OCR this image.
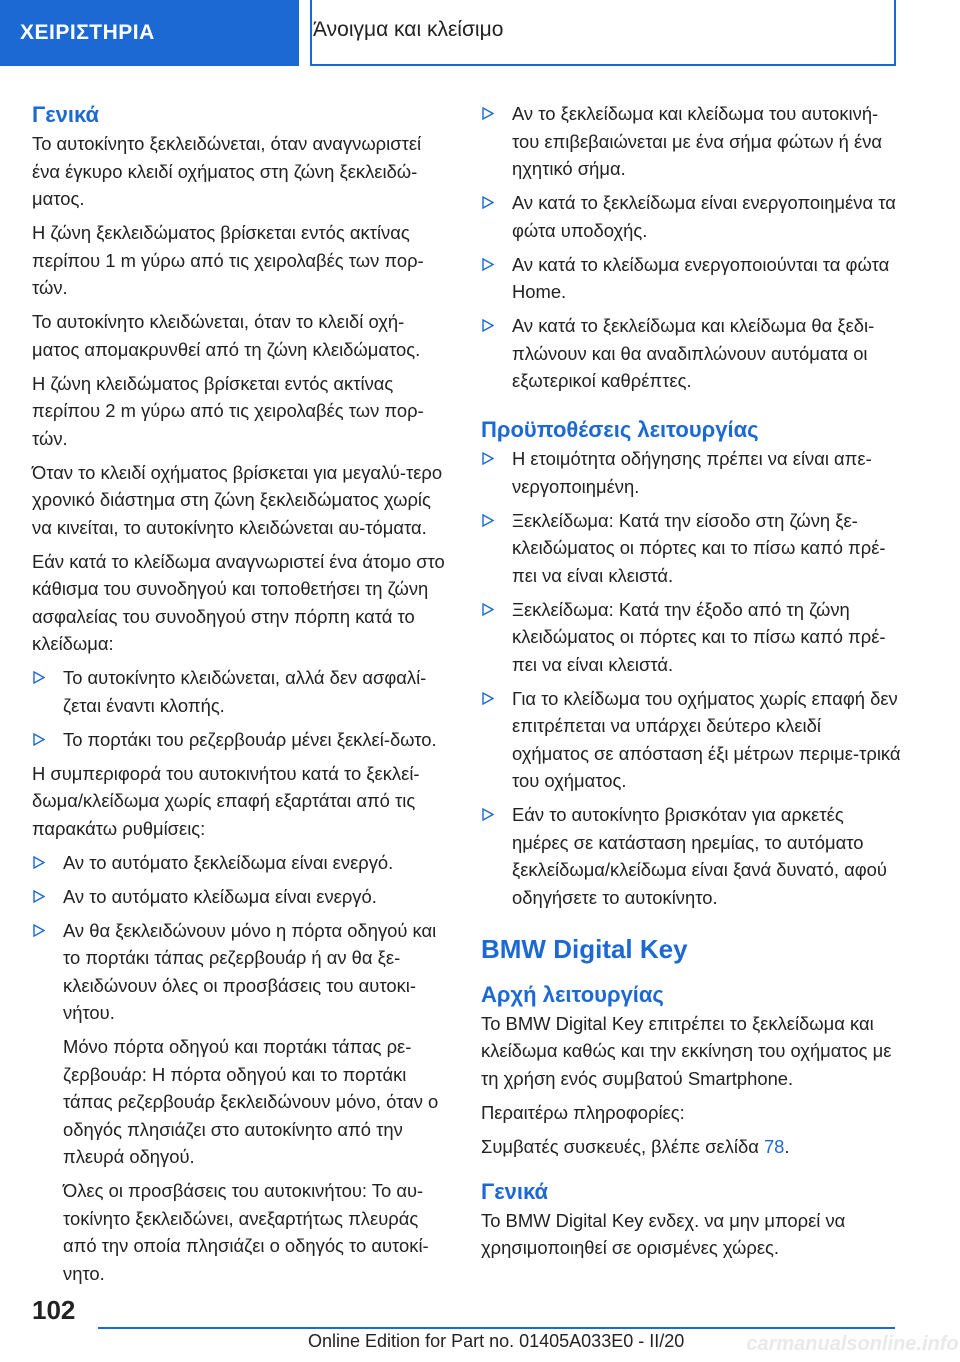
ΧΕΙΡΙΣΤΗΡΙΑ	Άνοιγμα και κλείσιμο
Γενικά

Το αυτοκίνητο ξεκλειδώνεται, όταν αναγνωριστεί ένα έγκυρο κλειδί οχήματος στη ζώνη ξεκλειδώ‐ματος.

Η ζώνη ξεκλειδώματος βρίσκεται εντός ακτίνας περίπου 1 m γύρω από τις χειρολαβές των πορ‐τών.

Το αυτοκίνητο κλειδώνεται, όταν το κλειδί οχή‐ματος απομακρυνθεί από τη ζώνη κλειδώματος.

Η ζώνη κλειδώματος βρίσκεται εντός ακτίνας περίπου 2 m γύρω από τις χειρολαβές των πορ‐τών.

Όταν το κλειδί οχήματος βρίσκεται για μεγαλύ‐τερο χρονικό διάστημα στη ζώνη ξεκλειδώματος χωρίς να κινείται, το αυτοκίνητο κλειδώνεται αυ‐τόματα.

Εάν κατά το κλείδωμα αναγνωριστεί ένα άτομο στο κάθισμα του συνοδηγού και τοποθετήσει τη ζώνη ασφαλείας του συνοδηγού στην πόρπη κατά το κλείδωμα:

Το αυτοκίνητο κλειδώνεται, αλλά δεν ασφαλί‐ζεται έναντι κλοπής.
Το πορτάκι του ρεζερβουάρ μένει ξεκλεί‐δωτο.

Η συμπεριφορά του αυτοκινήτου κατά το ξεκλεί‐δωμα/κλείδωμα χωρίς επαφή εξαρτάται από τις παρακάτω ρυθμίσεις:

Αν το αυτόματο ξεκλείδωμα είναι ενεργό.
Αν το αυτόματο κλείδωμα είναι ενεργό.
Αν θα ξεκλειδώνουν μόνο η πόρτα οδηγού και το πορτάκι τάπας ρεζερβουάρ ή αν θα ξε‐κλειδώνουν όλες οι προσβάσεις του αυτοκι‐νήτου.

Μόνο πόρτα οδηγού και πορτάκι τάπας ρε‐ζερβουάρ: Η πόρτα οδηγού και το πορτάκι τάπας ρεζερβουάρ ξεκλειδώνουν μόνο, όταν ο οδηγός πλησιάζει στο αυτοκίνητο από την πλευρά οδηγού.

Όλες οι προσβάσεις του αυτοκινήτου: Το αυ‐τοκίνητο ξεκλειδώνει, ανεξαρτήτως πλευράς από την οποία πλησιάζει ο οδηγός το αυτοκί‐νητο.

Αν το ξεκλείδωμα και κλείδωμα του αυτοκινή‐του επιβεβαιώνεται με ένα σήμα φώτων ή ένα ηχητικό σήμα.
Αν κατά το ξεκλείδωμα είναι ενεργοποιημένα τα φώτα υποδοχής.
Αν κατά το κλείδωμα ενεργοποιούνται τα φώτα Home.
Αν κατά το ξεκλείδωμα και κλείδωμα θα ξεδι‐πλώνουν και θα αναδιπλώνουν αυτόματα οι εξωτερικοί καθρέπτες.
Προϋποθέσεις λειτουργίας
Η ετοιμότητα οδήγησης πρέπει να είναι απε‐νεργοποιημένη.
Ξεκλείδωμα: Κατά την είσοδο στη ζώνη ξε‐κλειδώματος οι πόρτες και το πίσω καπό πρέ‐πει να είναι κλειστά.
Ξεκλείδωμα: Κατά την έξοδο από τη ζώνη κλειδώματος οι πόρτες και το πίσω καπό πρέ‐πει να είναι κλειστά.
Για το κλείδωμα του οχήματος χωρίς επαφή δεν επιτρέπεται να υπάρχει δεύτερο κλειδί οχήματος σε απόσταση έξι μέτρων περιμε‐τρικά του οχήματος.
Εάν το αυτοκίνητο βρισκόταν για αρκετές ημέρες σε κατάσταση ηρεμίας, το αυτόματο ξεκλείδωμα/κλείδωμα είναι ξανά δυνατό, αφού οδηγήσετε το αυτοκίνητο.
BMW Digital Key
Αρχή λειτουργίας

Το BMW Digital Key επιτρέπει το ξεκλείδωμα και κλείδωμα καθώς και την εκκίνηση του οχήματος με τη χρήση ενός συμβατού Smartphone.

Περαιτέρω πληροφορίες:

Συμβατές συσκευές, βλέπε σελίδα 78.

Γενικά

Το BMW Digital Key ενδεχ. να μην μπορεί να χρησιμοποιηθεί σε ορισμένες χώρες.

102
Online Edition for Part no. 01405A033E0 - II/20	carmanualsonline.info
